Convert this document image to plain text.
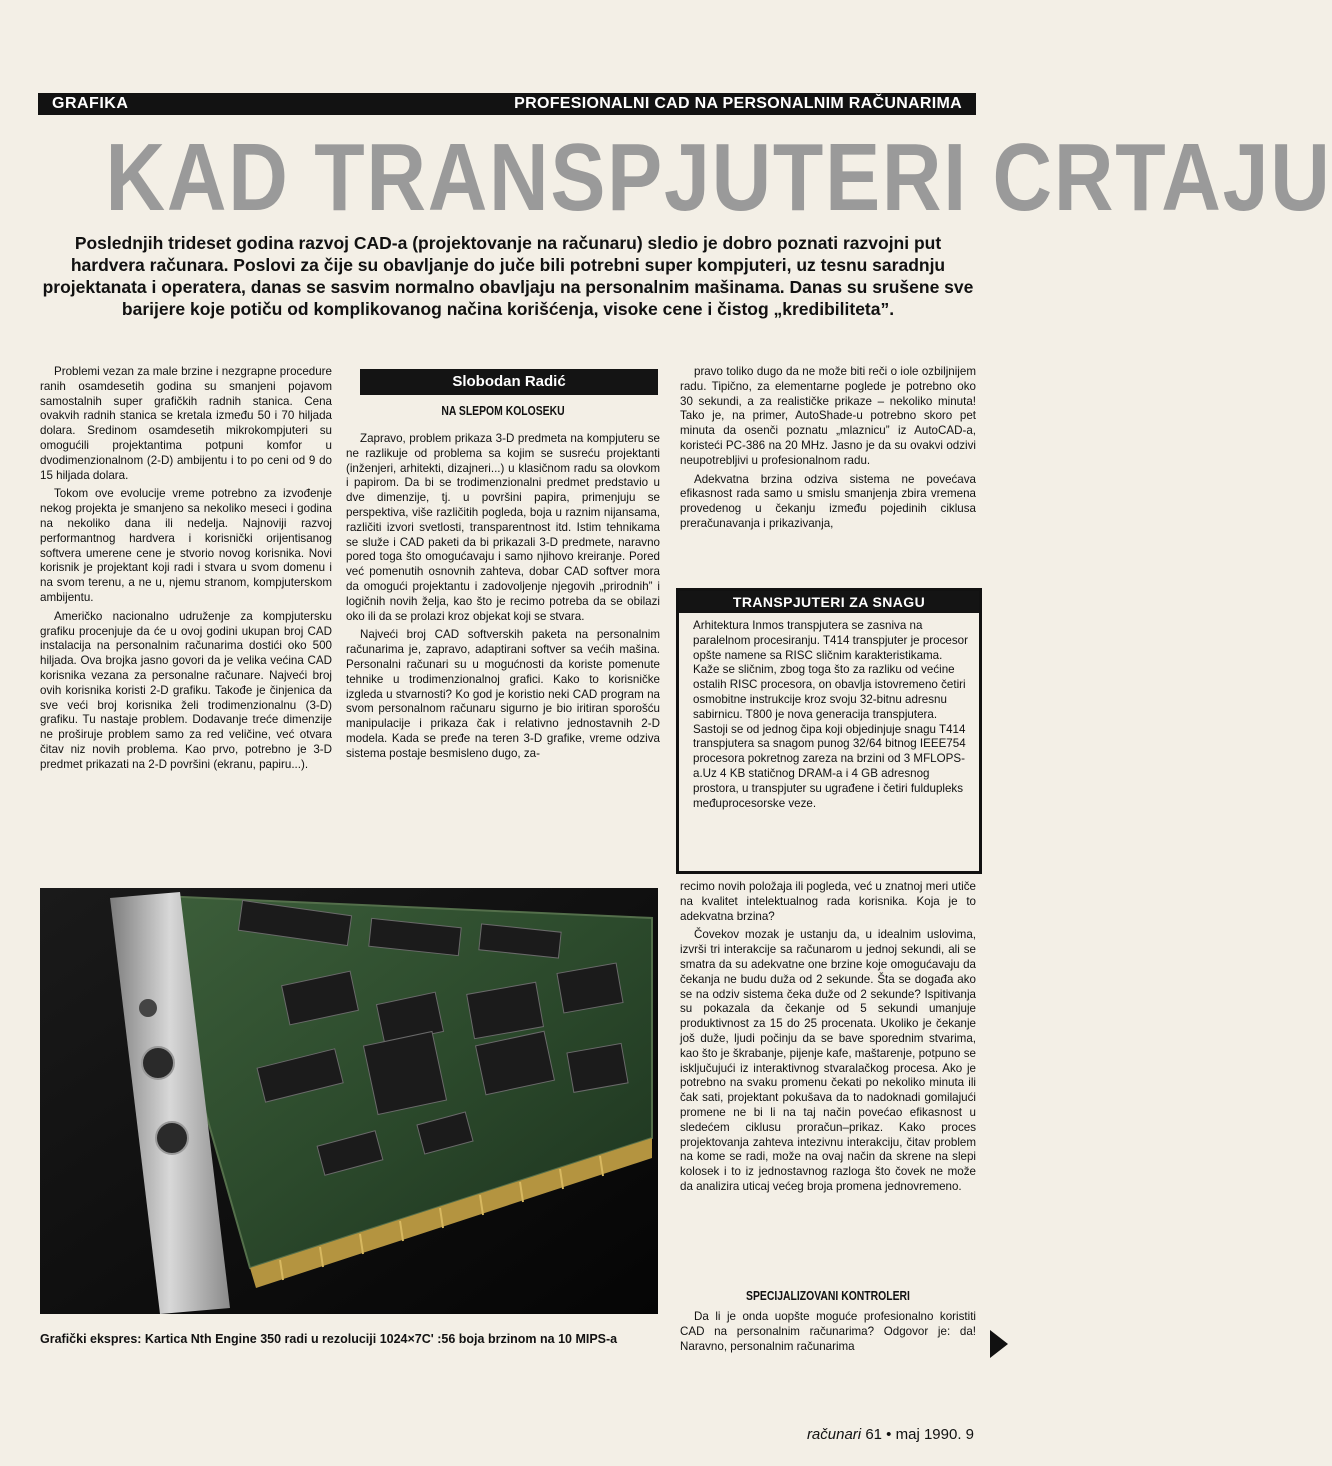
GRAFIKA	PROFESIONALNI CAD NA PERSONALNIM RAČUNARIMA
KAD TRANSPJUTERI CRTAJU
Poslednjih trideset godina razvoj CAD-a (projektovanje na računaru) sledio je dobro poznati razvojni put hardvera računara. Poslovi za čije su obavljanje do juče bili potrebni super kompjuteri, uz tesnu saradnju projektanata i operatera, danas se sasvim normalno obavljaju na personalnim mašinama. Danas su srušene sve barijere koje potiču od komplikovanog načina korišćenja, visoke cene i čistog „kredibiliteta”.

Problemi vezan za male brzine i nezgrapne procedure ranih osamdesetih godina su smanjeni pojavom samostalnih super grafičkih radnih stanica. Cena ovakvih radnih stanica se kretala između 50 i 70 hiljada dolara. Sredinom osamdesetih mikrokompjuteri su omogućili projektantima potpuni komfor u dvodimenzionalnom (2-D) ambijentu i to po ceni od 9 do 15 hiljada dolara.

Tokom ove evolucije vreme potrebno za izvođenje nekog projekta je smanjeno sa nekoliko meseci i godina na nekoliko dana ili nedelja. Najnoviji razvoj performantnog hardvera i korisnički orijentisanog softvera umerene cene je stvorio novog korisnika. Novi korisnik je projektant koji radi i stvara u svom domenu i na svom terenu, a ne u, njemu stranom, kompjuterskom ambijentu.

Američko nacionalno udruženje za kompjutersku grafiku procenjuje da će u ovoj godini ukupan broj CAD instalacija na personalnim računarima dostići oko 500 hiljada. Ova brojka jasno govori da je velika većina CAD korisnika vezana za personalne računare. Najveći broj ovih korisnika koristi 2-D grafiku. Takođe je činjenica da sve veći broj korisnika želi trodimenzionalnu (3-D) grafiku. Tu nastaje problem. Dodavanje treće dimenzije ne proširuje problem samo za red veličine, već otvara čitav niz novih problema. Kao prvo, potrebno je 3-D predmet prikazati na 2-D površini (ekranu, papiru...).

Slobodan Radić
NA SLEPOM KOLOSEKU

Zapravo, problem prikaza 3-D predmeta na kompjuteru se ne razlikuje od problema sa kojim se susreću projektanti (inženjeri, arhitekti, dizajneri...) u klasičnom radu sa olovkom i papirom. Da bi se trodimenzionalni predmet predstavio u dve dimenzije, tj. u površini papira, primenjuju se perspektiva, više različitih pogleda, boja u raznim nijansama, različiti izvori svetlosti, transparentnost itd. Istim tehnikama se služe i CAD paketi da bi prikazali 3-D predmete, naravno pored toga što omogućavaju i samo njihovo kreiranje. Pored već pomenutih osnovnih zahteva, dobar CAD softver mora da omogući projektantu i zadovoljenje njegovih „prirodnih” i logičnih novih želja, kao što je recimo potreba da se obilazi oko ili da se prolazi kroz objekat koji se stvara.

Najveći broj CAD softverskih paketa na personalnim računarima je, zapravo, adaptirani softver sa većih mašina. Personalni računari su u mogućnosti da koriste pomenute tehnike u trodimenzionalnoj grafici. Kako to korisničke izgleda u stvarnosti? Ko god je koristio neki CAD program na svom personalnom računaru sigurno je bio iritiran sporošću manipulacije i prikaza čak i relativno jednostavnih 2-D modela. Kada se pređe na teren 3-D grafike, vreme odziva sistema postaje besmisleno dugo, za-

pravo toliko dugo da ne može biti reči o iole ozbiljnijem radu. Tipično, za elementarne poglede je potrebno oko 30 sekundi, a za realističke prikaze – nekoliko minuta! Tako je, na primer, AutoShade-u potrebno skoro pet minuta da osenči poznatu „mlaznicu” iz AutoCAD-a, koristeći PC-386 na 20 MHz. Jasno je da su ovakvi odzivi neupotrebljivi u profesionalnom radu.

Adekvatna brzina odziva sistema ne povećava efikasnost rada samo u smislu smanjenja zbira vremena provedenog u čekanju između pojedinih ciklusa preračunavanja i prikazivanja,

TRANSPJUTERI ZA SNAGU
Arhitektura Inmos transpjutera se zasniva na paralelnom procesiranju. T414 transpjuter je procesor opšte namene sa RISC sličnim karakteristikama. Kaže se sličnim, zbog toga što za razliku od većine ostalih RISC procesora, on obavlja istovremeno četiri osmobitne instrukcije kroz svoju 32-bitnu adresnu sabirnicu. T800 je nova generacija transpjutera. Sastoji se od jednog čipa koji objedinjuje snagu T414 transpjutera sa snagom punog 32/64 bitnog IEEE754 procesora pokretnog zareza na brzini od 3 MFLOPS-a.Uz 4 KB statičnog DRAM-a i 4 GB adresnog prostora, u transpjuter su ugrađene i četiri fuldupleks međuprocesorske veze.

recimo novih položaja ili pogleda, već u znatnoj meri utiče na kvalitet intelektualnog rada korisnika. Koja je to adekvatna brzina?

Čovekov mozak je ustanju da, u idealnim uslovima, izvrši tri interakcije sa računarom u jednoj sekundi, ali se smatra da su adekvatne one brzine koje omogućavaju da čekanja ne budu duža od 2 sekunde. Šta se događa ako se na odziv sistema čeka duže od 2 sekunde? Ispitivanja su pokazala da čekanje od 5 sekundi umanjuje produktivnost za 15 do 25 procenata. Ukoliko je čekanje još duže, ljudi počinju da se bave sporednim stvarima, kao što je škrabanje, pijenje kafe, maštarenje, potpuno se isključujući iz interaktivnog stvaralačkog procesa. Ako je potrebno na svaku promenu čekati po nekoliko minuta ili čak sati, projektant pokušava da to nadoknadi gomilajući promene ne bi li na taj način povećao efikasnost u sledećem ciklusu proračun–prikaz. Kako proces projektovanja zahteva intezivnu interakciju, čitav problem na kome se radi, može na ovaj način da skrene na slepi kolosek i to iz jednostavnog razloga što čovek ne može da analizira uticaj većeg broja promena jednovremeno.

SPECIJALIZOVANI KONTROLERI

Da li je onda uopšte moguće profesionalno koristiti CAD na personalnim računarima? Odgovor je: da! Naravno, personalnim računarima

Grafički ekspres: Kartica Nth Engine 350 radi u rezoluciji 1024×7C' :56 boja brzinom na 10 MIPS-a
računari 61 • maj 1990. 9
